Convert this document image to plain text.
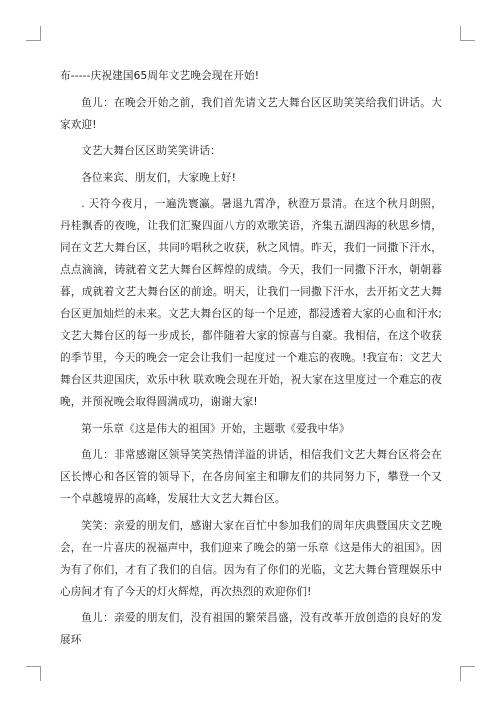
布-----庆祝建国65周年文艺晚会现在开始!

鱼儿：在晚会开始之前，我们首先请文艺大舞台区区助笑笑给我们讲话。大家欢迎!

文艺大舞台区区助笑笑讲话：

各位来宾、朋友们，大家晚上好!

. 天符今夜月，一遍洗寰瀛。暑退九霄净，秋澄万景清。在这个秋月朗照，丹桂飘香的夜晚，让我们汇聚四面八方的欢歌笑语，齐集五湖四海的秋思乡情，同在文艺大舞台区，共同吟唱秋之收获，秋之风情。昨天，我们一同撒下汗水，点点滴滴，铸就着文艺大舞台区辉煌的成绩。今天，我们一同撒下汗水，朝朝暮暮，成就着文艺大舞台区的前途。明天，让我们一同撒下汗水，去开拓文艺大舞台区更加灿烂的未来。文艺大舞台区的每一个足迹，都浸透着大家的心血和汗水;文艺大舞台区的每一步成长，都伴随着大家的惊喜与自豪。我相信，在这个收获的季节里，今天的晚会一定会让我们一起度过一个难忘的夜晚。!我宣布：文艺大舞台区共迎国庆，欢乐中秋 联欢晚会现在开始，祝大家在这里度过一个难忘的夜晚，并预祝晚会取得圆满成功，谢谢大家!

第一乐章《这是伟大的祖国》开始，主题歌《爱我中华》

鱼儿：非常感谢区领导笑笑热情洋溢的讲话，相信我们文艺大舞台区将会在区长博心和各区管的领导下，在各房间室主和聊友们的共同努力下，攀登一个又一个卓越境界的高峰，发展壮大文艺大舞台区。

笑笑：亲爱的朋友们，感谢大家在百忙中参加我们的周年庆典暨国庆文艺晚会，在一片喜庆的祝福声中，我们迎来了晚会的第一乐章《这是伟大的祖国》。因为有了你们，才有了我们的自信。因为有了你们的光临，文艺大舞台管理娱乐中心房间才有了今天的灯火辉煌，再次热烈的欢迎你们!

鱼儿：亲爱的朋友们，没有祖国的繁荣昌盛，没有改革开放创造的良好的发展环
